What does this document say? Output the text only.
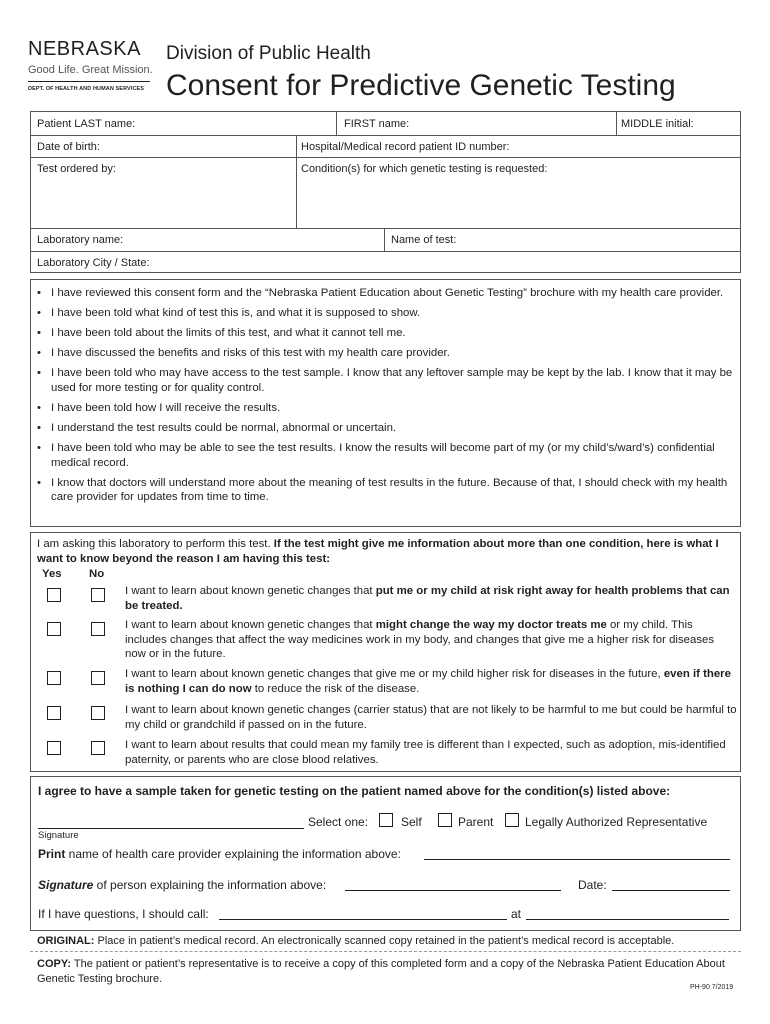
NEBRASKA
Good Life. Great Mission.
DEPT. OF HEALTH AND HUMAN SERVICES
Division of Public Health
Consent for Predictive Genetic Testing
Patient LAST name:	FIRST name:	MIDDLE initial:
Date of birth:	Hospital/Medical record patient ID number:
Test ordered by:	Condition(s) for which genetic testing is requested:
Laboratory name:	Name of test:
Laboratory City / State:
• I have reviewed this consent form and the “Nebraska Patient Education about Genetic Testing” brochure with my health care provider.
• I have been told what kind of test this is, and what it is supposed to show.
• I have been told about the limits of this test, and what it cannot tell me.
• I have discussed the benefits and risks of this test with my health care provider.
• I have been told who may have access to the test sample. I know that any leftover sample may be kept by the lab. I know that it may be used for more testing or for quality control.
• I have been told how I will receive the results.
• I understand the test results could be normal, abnormal or uncertain.
• I have been told who may be able to see the test results. I know the results will become part of my (or my child’s/ward’s) confidential medical record.
• I know that doctors will understand more about the meaning of test results in the future. Because of that, I should check with my health care provider for updates from time to time.
I am asking this laboratory to perform this test. If the test might give me information about more than one condition, here is what I want to know beyond the reason I am having this test:
Yes No
I want to learn about known genetic changes that put me or my child at risk right away for health problems that can be treated.
I want to learn about known genetic changes that might change the way my doctor treats me or my child. This includes changes that affect the way medicines work in my body, and changes that give me a higher risk for diseases now or in the future.
I want to learn about known genetic changes that give me or my child higher risk for diseases in the future, even if there is nothing I can do now to reduce the risk of the disease.
I want to learn about known genetic changes (carrier status) that are not likely to be harmful to me but could be harmful to my child or grandchild if passed on in the future.
I want to learn about results that could mean my family tree is different than I expected, such as adoption, mis-identified paternity, or parents who are close blood relatives.
I agree to have a sample taken for genetic testing on the patient named above for the condition(s) listed above:
Select one:	Self	Parent	Legally Authorized Representative
Signature
Print name of health care provider explaining the information above:
Signature of person explaining the information above:	Date:
If I have questions, I should call:	at
ORIGINAL: Place in patient’s medical record. An electronically scanned copy retained in the patient’s medical record is acceptable.
COPY: The patient or patient’s representative is to receive a copy of this completed form and a copy of the Nebraska Patient Education About Genetic Testing brochure.
PH-90 7/2019
